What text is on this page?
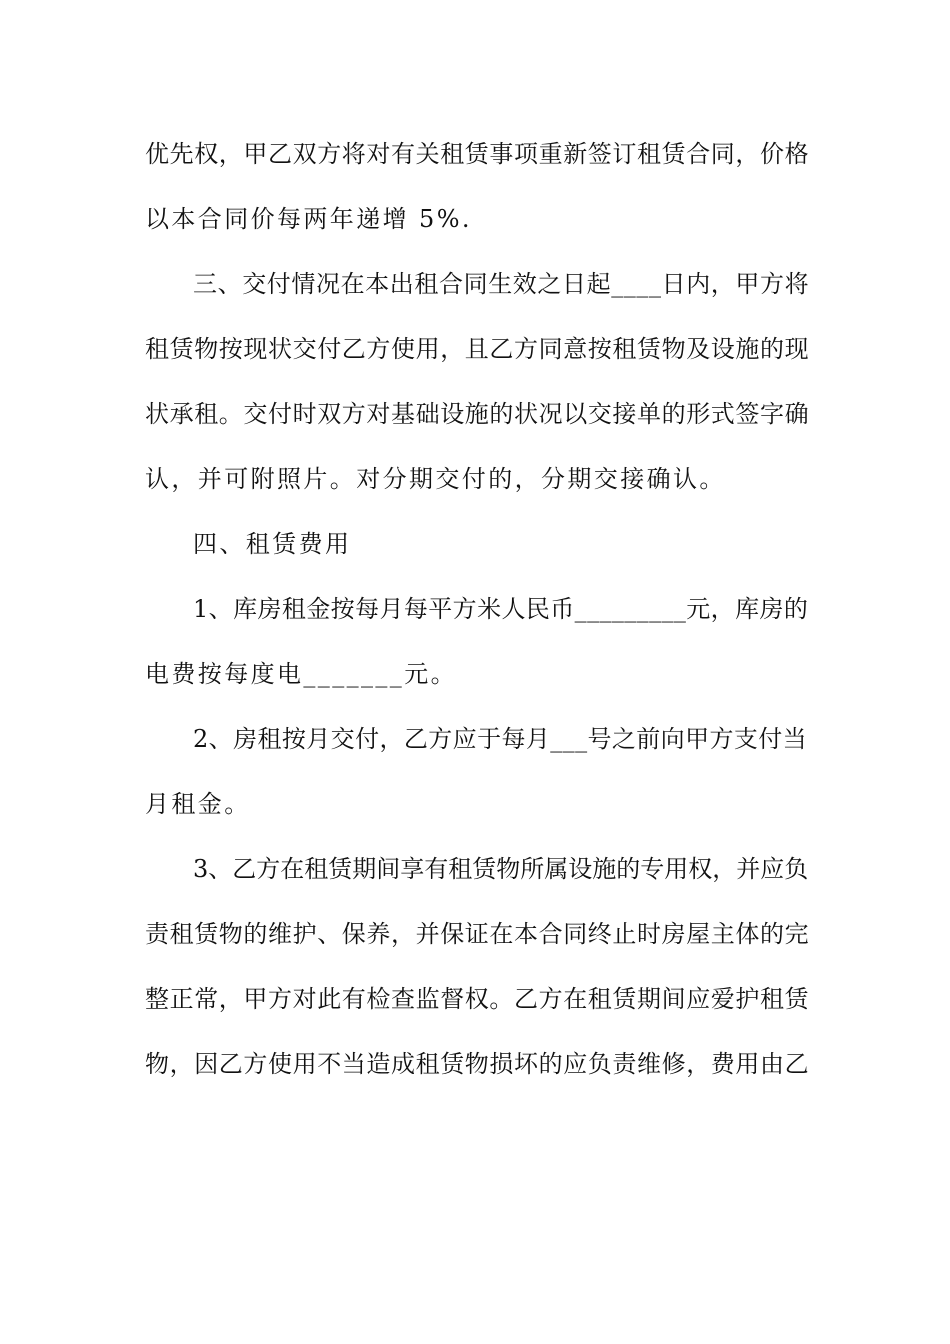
优先权，甲乙双方将对有关租赁事项重新签订租赁合同，价格
以本合同价每两年递增 5%.
三、交付情况在本出租合同生效之日起____日内，甲方将
租赁物按现状交付乙方使用，且乙方同意按租赁物及设施的现
状承租。交付时双方对基础设施的状况以交接单的形式签字确
认，并可附照片。对分期交付的，分期交接确认。
四、租赁费用
1、库房租金按每月每平方米人民币_________元，库房的
电费按每度电_______元。
2、房租按月交付，乙方应于每月___号之前向甲方支付当
月租金。
3、乙方在租赁期间享有租赁物所属设施的专用权，并应负
责租赁物的维护、保养，并保证在本合同终止时房屋主体的完
整正常，甲方对此有检查监督权。乙方在租赁期间应爱护租赁
物，因乙方使用不当造成租赁物损坏的应负责维修，费用由乙
